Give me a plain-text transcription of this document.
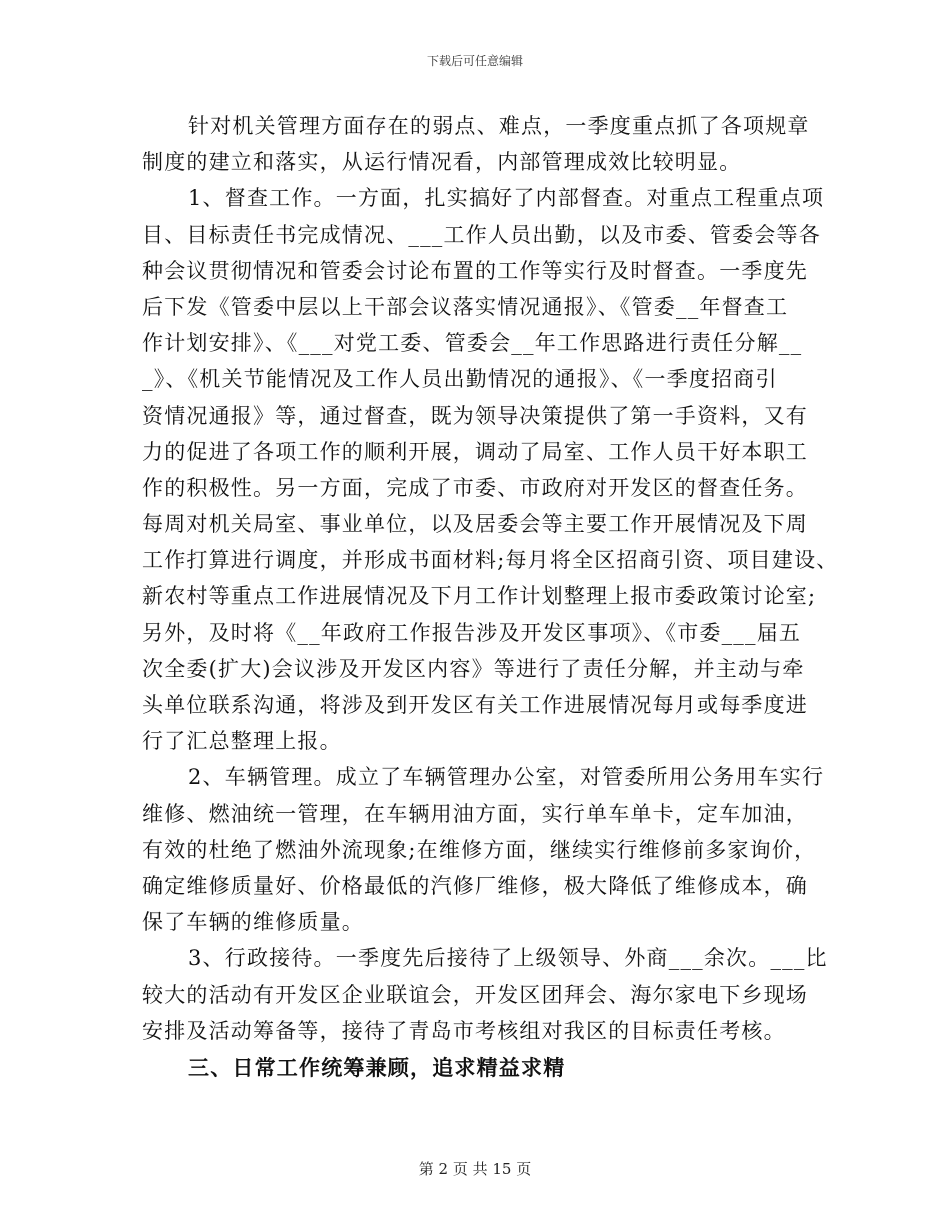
下载后可任意编辑
针对机关管理方面存在的弱点、难点，一季度重点抓了各项规章
制度的建立和落实，从运行情况看，内部管理成效比较明显。
1、督查工作。一方面，扎实搞好了内部督查。对重点工程重点项
目、目标责任书完成情况、___工作人员出勤，以及市委、管委会等各
种会议贯彻情况和管委会讨论布置的工作等实行及时督查。一季度先
后下发《管委中层以上干部会议落实情况通报》、《管委__年督查工
作计划安排》、《___对党工委、管委会__年工作思路进行责任分解__
_》、《机关节能情况及工作人员出勤情况的通报》、《一季度招商引
资情况通报》等，通过督查，既为领导决策提供了第一手资料，又有
力的促进了各项工作的顺利开展，调动了局室、工作人员干好本职工
作的积极性。另一方面，完成了市委、市政府对开发区的督查任务。
每周对机关局室、事业单位，以及居委会等主要工作开展情况及下周
工作打算进行调度，并形成书面材料;每月将全区招商引资、项目建设、
新农村等重点工作进展情况及下月工作计划整理上报市委政策讨论室;
另外，及时将《__年政府工作报告涉及开发区事项》、《市委___届五
次全委(扩大)会议涉及开发区内容》等进行了责任分解，并主动与牵
头单位联系沟通，将涉及到开发区有关工作进展情况每月或每季度进
行了汇总整理上报。
2、车辆管理。成立了车辆管理办公室，对管委所用公务用车实行
维修、燃油统一管理，在车辆用油方面，实行单车单卡，定车加油，
有效的杜绝了燃油外流现象;在维修方面，继续实行维修前多家询价，
确定维修质量好、价格最低的汽修厂维修，极大降低了维修成本，确
保了车辆的维修质量。
3、行政接待。一季度先后接待了上级领导、外商___余次。___比
较大的活动有开发区企业联谊会，开发区团拜会、海尔家电下乡现场
安排及活动筹备等，接待了青岛市考核组对我区的目标责任考核。
三、日常工作统筹兼顾，追求精益求精
第 2 页 共 15 页
